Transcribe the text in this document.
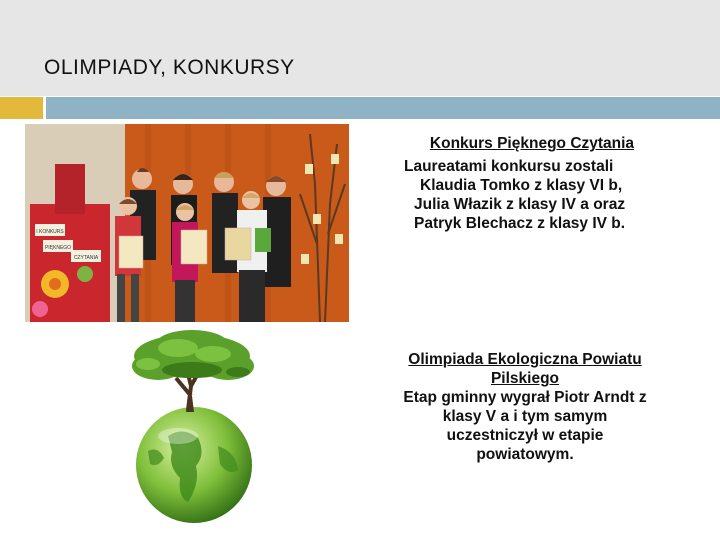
OLIMPIADY, KONKURSY
I KONKURS
PIĘKNEGO
CZYTANIA
Konkurs Pięknego Czytania
Laureatami konkursu zostali
Klaudia Tomko z klasy VI b,
Julia Włazik z klasy IV a oraz
Patryk Blechacz z klasy IV b.
Olimpiada Ekologiczna Powiatu
Pilskiego
Etap gminny wygrał Piotr Arndt z
klasy V a i tym samym
uczestniczył w etapie
powiatowym.
